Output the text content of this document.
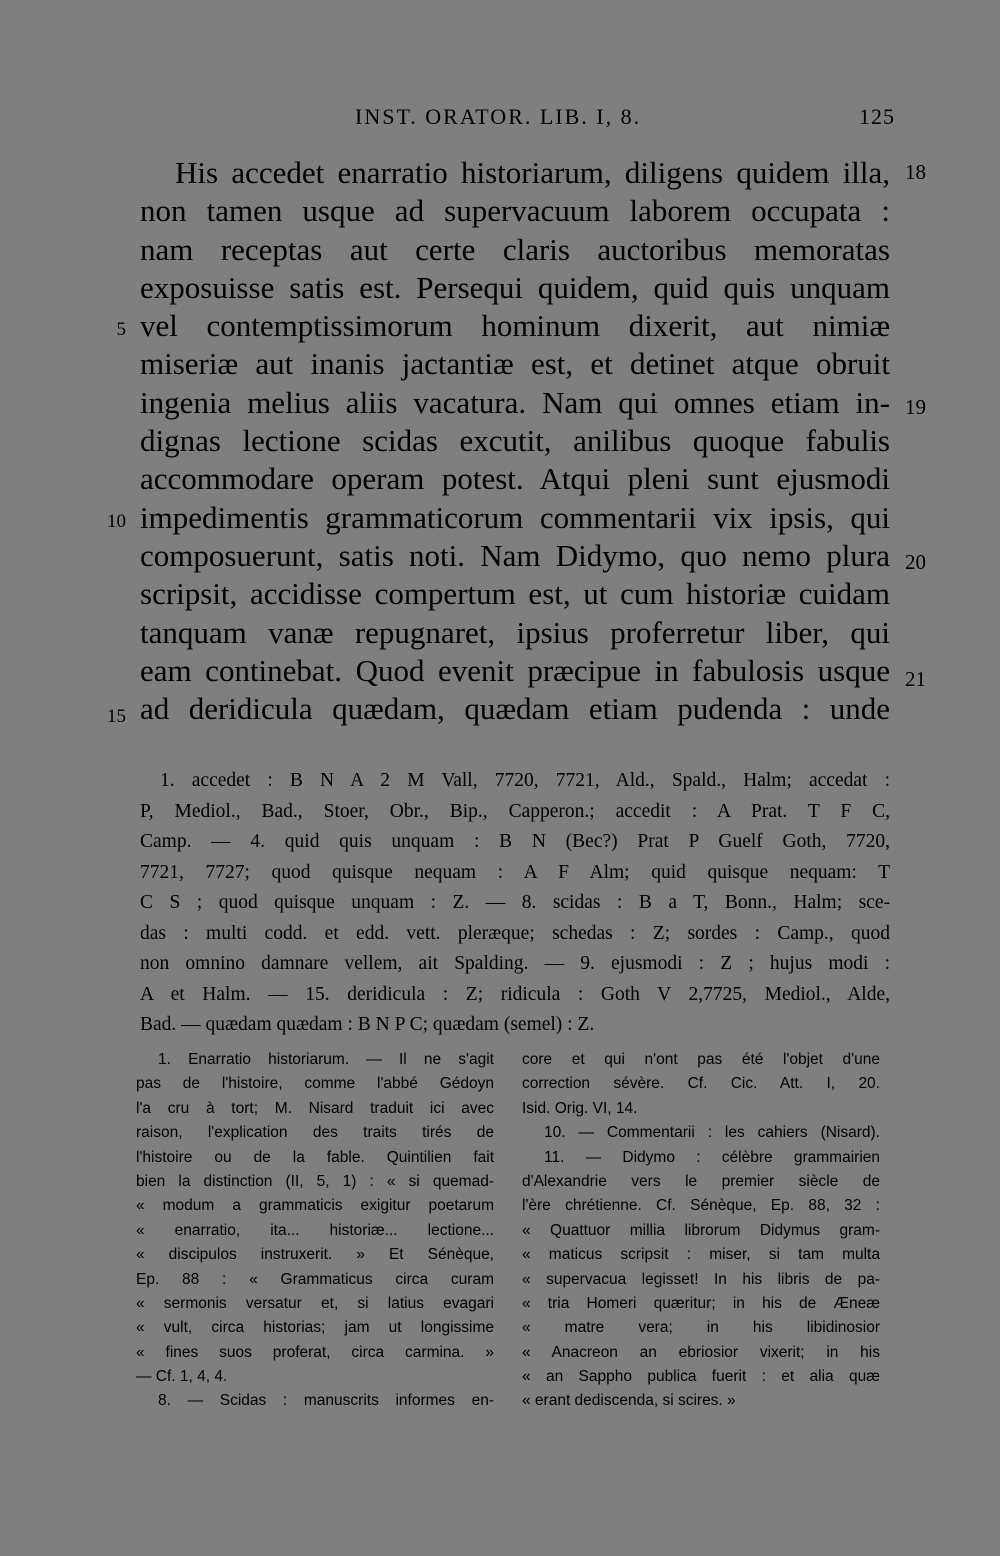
INST. ORATOR. LIB. I, 8.	125
His accedet enarratio historiarum, diligens quidem illa,
non tamen usque ad supervacuum laborem occupata :
nam receptas aut certe claris auctoribus memoratas
exposuisse satis est. Persequi quidem, quid quis unquam
vel contemptissimorum hominum dixerit, aut nimiæ
miseriæ aut inanis jactantiæ est, et detinet atque obruit
ingenia melius aliis vacatura. Nam qui omnes etiam in-
dignas lectione scidas excutit, anilibus quoque fabulis
accommodare operam potest. Atqui pleni sunt ejusmodi
impedimentis grammaticorum commentarii vix ipsis, qui
composuerunt, satis noti. Nam Didymo, quo nemo plura
scripsit, accidisse compertum est, ut cum historiæ cuidam
tanquam vanæ repugnaret, ipsius proferretur liber, qui
eam continebat. Quod evenit præcipue in fabulosis usque
ad deridicula quædam, quædam etiam pudenda : unde
5
10
15
18
19
20
21
1. accedet : B N A 2 M Vall, 7720, 7721, Ald., Spald., Halm; accedat :
P, Mediol., Bad., Stoer, Obr., Bip., Capperon.; accedit : A Prat. T F C,
Camp. — 4. quid quis unquam : B N (Bec?) Prat P Guelf Goth, 7720,
7721, 7727; quod quisque nequam : A F Alm; quid quisque nequam: T
C S ; quod quisque unquam : Z. — 8. scidas : B a T, Bonn., Halm; sce-
das : multi codd. et edd. vett. pleræque; schedas : Z; sordes : Camp., quod
non omnino damnare vellem, ait Spalding. — 9. ejusmodi : Z ; hujus modi :
A et Halm. — 15. deridicula : Z; ridicula : Goth V 2,7725, Mediol., Alde,
Bad. — quædam quædam : B N P C; quædam (semel) : Z.
1. Enarratio historiarum. — Il ne s'agit
pas de l'histoire, comme l'abbé Gédoyn
l'a cru à tort; M. Nisard traduit ici avec
raison, l'explication des traits tirés de
l'histoire ou de la fable. Quintilien fait
bien la distinction (II, 5, 1) : « si quemad-
« modum a grammaticis exigitur poetarum
« enarratio, ita... historiæ... lectione...
« discipulos instruxerit. » Et Sénèque,
Ep. 88 : « Grammaticus circa curam
« sermonis versatur et, si latius evagari
« vult, circa historias; jam ut longissime
« fines suos proferat, circa carmina. »
— Cf. 1, 4, 4.
8. — Scidas : manuscrits informes en-
core et qui n'ont pas été l'objet d'une
correction sévère. Cf. Cic. Att. I, 20.
Isid. Orig. VI, 14.
10. — Commentarii : les cahiers (Nisard).
11. — Didymo : célèbre grammairien
d'Alexandrie vers le premier siècle de
l'ère chrétienne. Cf. Sénèque, Ep. 88, 32 :
« Quattuor millia librorum Didymus gram-
« maticus scripsit : miser, si tam multa
« supervacua legisset! In his libris de pa-
« tria Homeri quæritur; in his de Æneæ
« matre vera; in his libidinosior
« Anacreon an ebriosior vixerit; in his
« an Sappho publica fuerit : et alia quæ
« erant dediscenda, si scires. »
